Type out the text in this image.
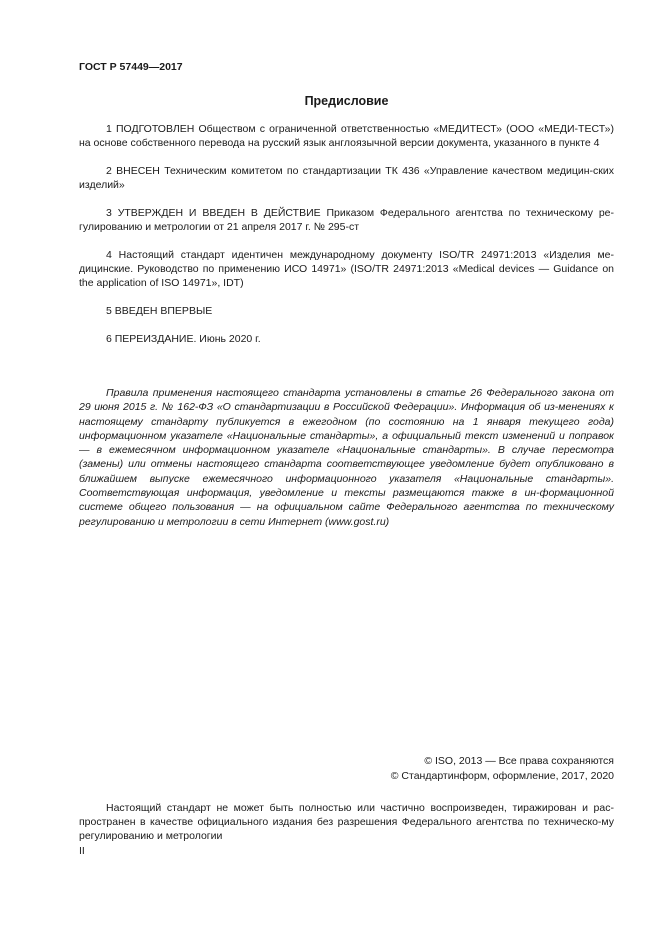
ГОСТ Р 57449—2017
Предисловие

1 ПОДГОТОВЛЕН Обществом с ограниченной ответственностью «МЕДИТЕСТ» (ООО «МЕДИ-ТЕСТ») на основе собственного перевода на русский язык англоязычной версии документа, указанного в пункте 4

2 ВНЕСЕН Техническим комитетом по стандартизации ТК 436 «Управление качеством медицин-ских изделий»

3 УТВЕРЖДЕН И ВВЕДЕН В ДЕЙСТВИЕ Приказом Федерального агентства по техническому ре-гулированию и метрологии от 21 апреля 2017 г. № 295-ст

4 Настоящий стандарт идентичен международному документу ISO/TR 24971:2013 «Изделия ме-дицинские. Руководство по применению ИСО 14971» (ISO/TR 24971:2013 «Medical devices — Guidance on the application of ISO 14971», IDT)

5 ВВЕДЕН ВПЕРВЫЕ

6 ПЕРЕИЗДАНИЕ. Июнь 2020 г.

Правила применения настоящего стандарта установлены в статье 26 Федерального закона от 29 июня 2015 г. № 162-ФЗ «О стандартизации в Российской Федерации». Информация об из-менениях к настоящему стандарту публикуется в ежегодном (по состоянию на 1 января текущего года) информационном указателе «Национальные стандарты», а официальный текст изменений и поправок — в ежемесячном информационном указателе «Национальные стандарты». В случае пересмотра (замены) или отмены настоящего стандарта соответствующее уведомление будет опубликовано в ближайшем выпуске ежемесячного информационного указателя «Национальные стандарты». Соответствующая информация, уведомление и тексты размещаются также в ин-формационной системе общего пользования — на официальном сайте Федерального агентства по техническому регулированию и метрологии в сети Интернет (www.gost.ru)

© ISO, 2013 — Все права сохраняются
© Стандартинформ, оформление, 2017, 2020

Настоящий стандарт не может быть полностью или частично воспроизведен, тиражирован и рас-пространен в качестве официального издания без разрешения Федерального агентства по техническо-му регулированию и метрологии

II
